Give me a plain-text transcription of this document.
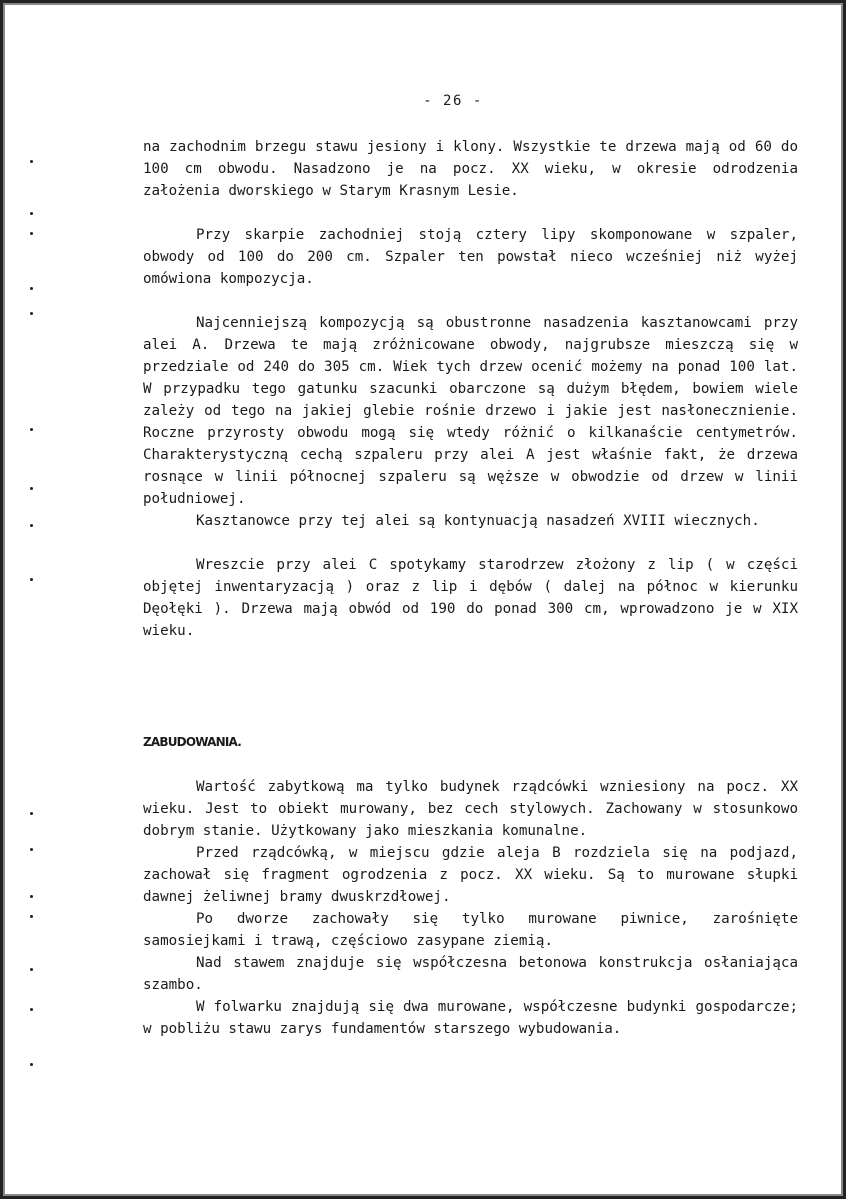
- 26 -

na zachodnim brzegu stawu jesiony i klony. Wszystkie te drzewa mają od 60 do 100 cm obwodu. Nasadzono je na pocz. XX wieku, w okresie odrodzenia założenia dworskiego w Starym Krasnym Lesie.

Przy skarpie zachodniej stoją cztery lipy skomponowane w szpaler, obwody od 100 do 200 cm. Szpaler ten powstał nieco wcześniej niż wyżej omówiona kompozycja.

Najcenniejszą kompozycją są obustronne nasadzenia kasztanowcami przy alei A. Drzewa te mają zróżnicowane obwody, najgrubsze mieszczą się w przedziale od 240 do 305 cm. Wiek tych drzew ocenić możemy na ponad 100 lat. W przypadku tego gatunku szacunki obarczone są dużym błędem, bowiem wiele zależy od tego na jakiej glebie rośnie drzewo i jakie jest nasłonecznienie. Roczne przyrosty obwodu mogą się wtedy różnić o kilkanaście centymetrów. Charakterystyczną cechą szpaleru przy alei A jest właśnie fakt, że drzewa rosnące w linii północnej szpaleru są węższe w obwodzie od drzew w linii południowej.

Kasztanowce przy tej alei są kontynuacją nasadzeń XVIII wiecznych.

Wreszcie przy alei C spotykamy starodrzew złożony z lip ( w części objętej inwentaryzacją ) oraz z lip i dębów ( dalej na północ w kierunku Dęołęki ). Drzewa mają obwód od 190 do ponad 300 cm, wprowadzono je w XIX wieku.

ZABUDOWANIA.

Wartość zabytkową ma tylko budynek rządcówki wzniesiony na pocz. XX wieku. Jest to obiekt murowany, bez cech stylowych. Zachowany w stosunkowo dobrym stanie. Użytkowany jako mieszkania komunalne.

Przed rządcówką, w miejscu gdzie aleja B rozdziela się na podjazd, zachował się fragment ogrodzenia z pocz. XX wieku. Są to murowane słupki dawnej żeliwnej bramy dwuskrzdłowej.

Po dworze zachowały się tylko murowane piwnice, zarośnięte samosiejkami i trawą, częściowo zasypane ziemią.

Nad stawem znajduje się współczesna betonowa konstrukcja osłaniająca szambo.

W folwarku znajdują się dwa murowane, współczesne budynki gospodarcze; w pobliżu stawu zarys fundamentów starszego wybudowania.
